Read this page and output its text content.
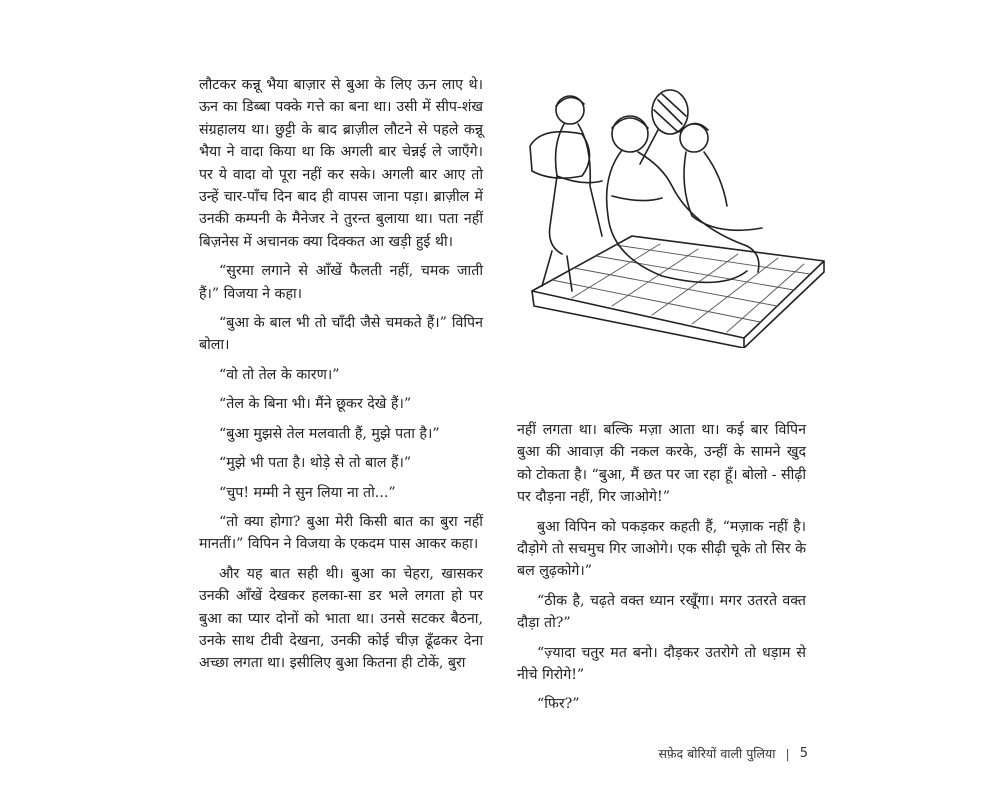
लौटकर कन्नू भैया बाज़ार से बुआ के लिए ऊन लाए थे। ऊन का डिब्बा पक्के गत्ते का बना था। उसी में सीप-शंख संग्रहालय था। छुट्टी के बाद ब्राज़ील लौटने से पहले कन्नू भैया ने वादा किया था कि अगली बार चेन्नई ले जाएँगे। पर ये वादा वो पूरा नहीं कर सके। अगली बार आए तो उन्हें चार-पाँच दिन बाद ही वापस जाना पड़ा। ब्राज़ील में उनकी कम्पनी के मैनेजर ने तुरन्त बुलाया था। पता नहीं बिज़नेस में अचानक क्या दिक्कत आ खड़ी हुई थी।

“सुरमा लगाने से आँखें फैलती नहीं, चमक जाती हैं।” विजया ने कहा।

“बुआ के बाल भी तो चाँदी जैसे चमकते हैं।” विपिन बोला।

“वो तो तेल के कारण।”

“तेल के बिना भी। मैंने छूकर देखे हैं।”

“बुआ मुझसे तेल मलवाती हैं, मुझे पता है।”

“मुझे भी पता है। थोड़े से तो बाल हैं।”

“चुप! मम्मी ने सुन लिया ना तो...”

“तो क्या होगा? बुआ मेरी किसी बात का बुरा नहीं मानतीं।” विपिन ने विजया के एकदम पास आकर कहा।

और यह बात सही थी। बुआ का चेहरा, खासकर उनकी आँखें देखकर हलका-सा डर भले लगता हो पर बुआ का प्यार दोनों को भाता था। उनसे सटकर बैठना, उनके साथ टीवी देखना, उनकी कोई चीज़ ढूँढकर देना अच्छा लगता था। इसीलिए बुआ कितना ही टोकें, बुरा

नहीं लगता था। बल्कि मज़ा आता था। कई बार विपिन बुआ की आवाज़ की नकल करके, उन्हीं के सामने खुद को टोकता है। “बुआ, मैं छत पर जा रहा हूँ। बोलो - सीढ़ी पर दौड़ना नहीं, गिर जाओगे!”

बुआ विपिन को पकड़कर कहती हैं, “मज़ाक नहीं है। दौड़ोगे तो सचमुच गिर जाओगे। एक सीढ़ी चूके तो सिर के बल लुढ़कोगे।”

“ठीक है, चढ़ते वक्त ध्यान रखूँगा। मगर उतरते वक्त दौड़ा तो?”

“ज़्यादा चतुर मत बनो। दौड़कर उतरोगे तो धड़ाम से नीचे गिरोगे!”

“फिर?”

सफ़ेद बोरियों वाली पुलिया | 5
